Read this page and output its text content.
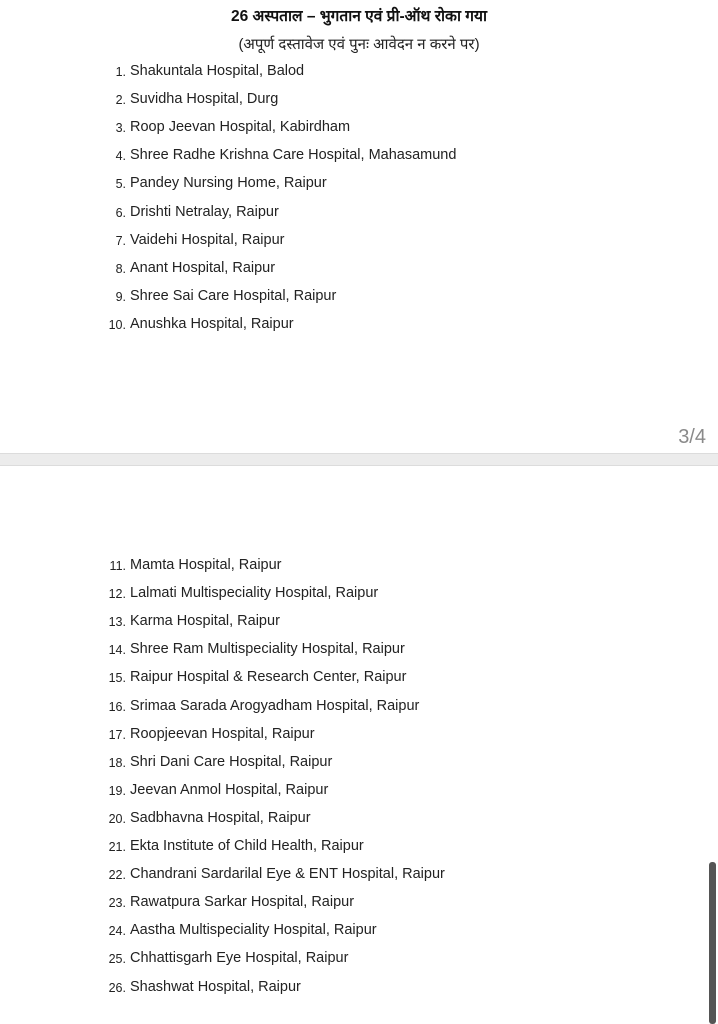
26 अस्पताल – भुगतान एवं प्री-ऑथ रोका गया
(अपूर्ण दस्तावेज एवं पुनः आवेदन न करने पर)
1. Shakuntala Hospital, Balod
2. Suvidha Hospital, Durg
3. Roop Jeevan Hospital, Kabirdham
4. Shree Radhe Krishna Care Hospital, Mahasamund
5. Pandey Nursing Home, Raipur
6. Drishti Netralay, Raipur
7. Vaidehi Hospital, Raipur
8. Anant Hospital, Raipur
9. Shree Sai Care Hospital, Raipur
10. Anushka Hospital, Raipur
3/4
11. Mamta Hospital, Raipur
12. Lalmati Multispeciality Hospital, Raipur
13. Karma Hospital, Raipur
14. Shree Ram Multispeciality Hospital, Raipur
15. Raipur Hospital & Research Center, Raipur
16. Srimaa Sarada Arogyadham Hospital, Raipur
17. Roopjeevan Hospital, Raipur
18. Shri Dani Care Hospital, Raipur
19. Jeevan Anmol Hospital, Raipur
20. Sadbhavna Hospital, Raipur
21. Ekta Institute of Child Health, Raipur
22. Chandrani Sardarilal Eye & ENT Hospital, Raipur
23. Rawatpura Sarkar Hospital, Raipur
24. Aastha Multispeciality Hospital, Raipur
25. Chhattisgarh Eye Hospital, Raipur
26. Shashwat Hospital, Raipur
